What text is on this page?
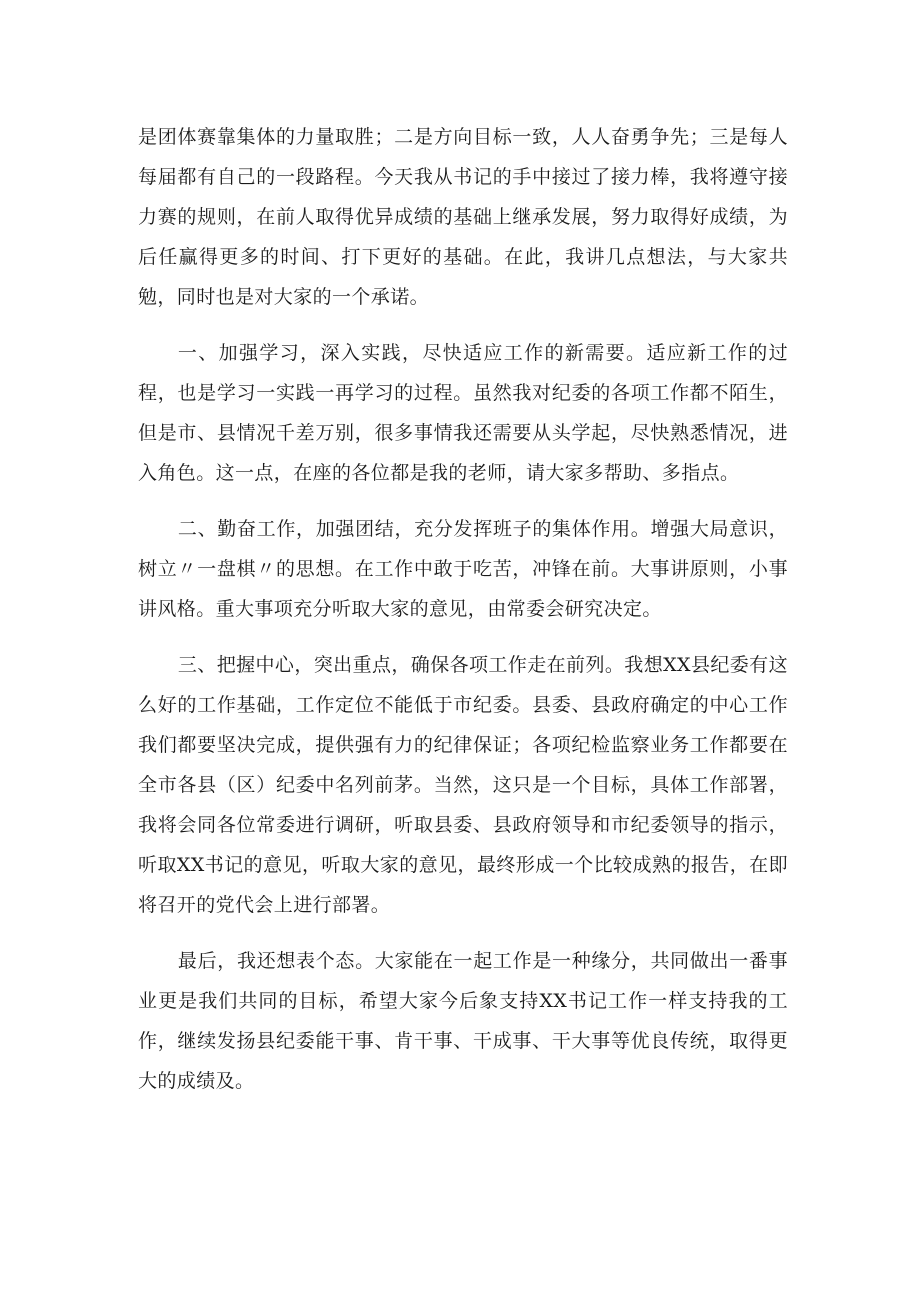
是团体赛靠集体的力量取胜；二是方向目标一致，人人奋勇争先；三是每人每届都有自己的一段路程。今天我从书记的手中接过了接力棒，我将遵守接力赛的规则，在前人取得优异成绩的基础上继承发展，努力取得好成绩，为后任赢得更多的时间、打下更好的基础。在此，我讲几点想法，与大家共勉，同时也是对大家的一个承诺。

一、加强学习，深入实践，尽快适应工作的新需要。适应新工作的过程，也是学习一实践一再学习的过程。虽然我对纪委的各项工作都不陌生，但是市、县情况千差万别，很多事情我还需要从头学起，尽快熟悉情况，进入角色。这一点，在座的各位都是我的老师，请大家多帮助、多指点。

二、勤奋工作，加强团结，充分发挥班子的集体作用。增强大局意识，树立〃一盘棋〃的思想。在工作中敢于吃苦，冲锋在前。大事讲原则，小事讲风格。重大事项充分听取大家的意见，由常委会研究决定。

三、把握中心，突出重点，确保各项工作走在前列。我想XX县纪委有这么好的工作基础，工作定位不能低于市纪委。县委、县政府确定的中心工作我们都要坚决完成，提供强有力的纪律保证；各项纪检监察业务工作都要在全市各县（区）纪委中名列前茅。当然，这只是一个目标，具体工作部署，我将会同各位常委进行调研，听取县委、县政府领导和市纪委领导的指示，听取XX书记的意见，听取大家的意见，最终形成一个比较成熟的报告，在即将召开的党代会上进行部署。

最后，我还想表个态。大家能在一起工作是一种缘分，共同做出一番事业更是我们共同的目标，希望大家今后象支持XX书记工作一样支持我的工作，继续发扬县纪委能干事、肯干事、干成事、干大事等优良传统，取得更大的成绩及。
